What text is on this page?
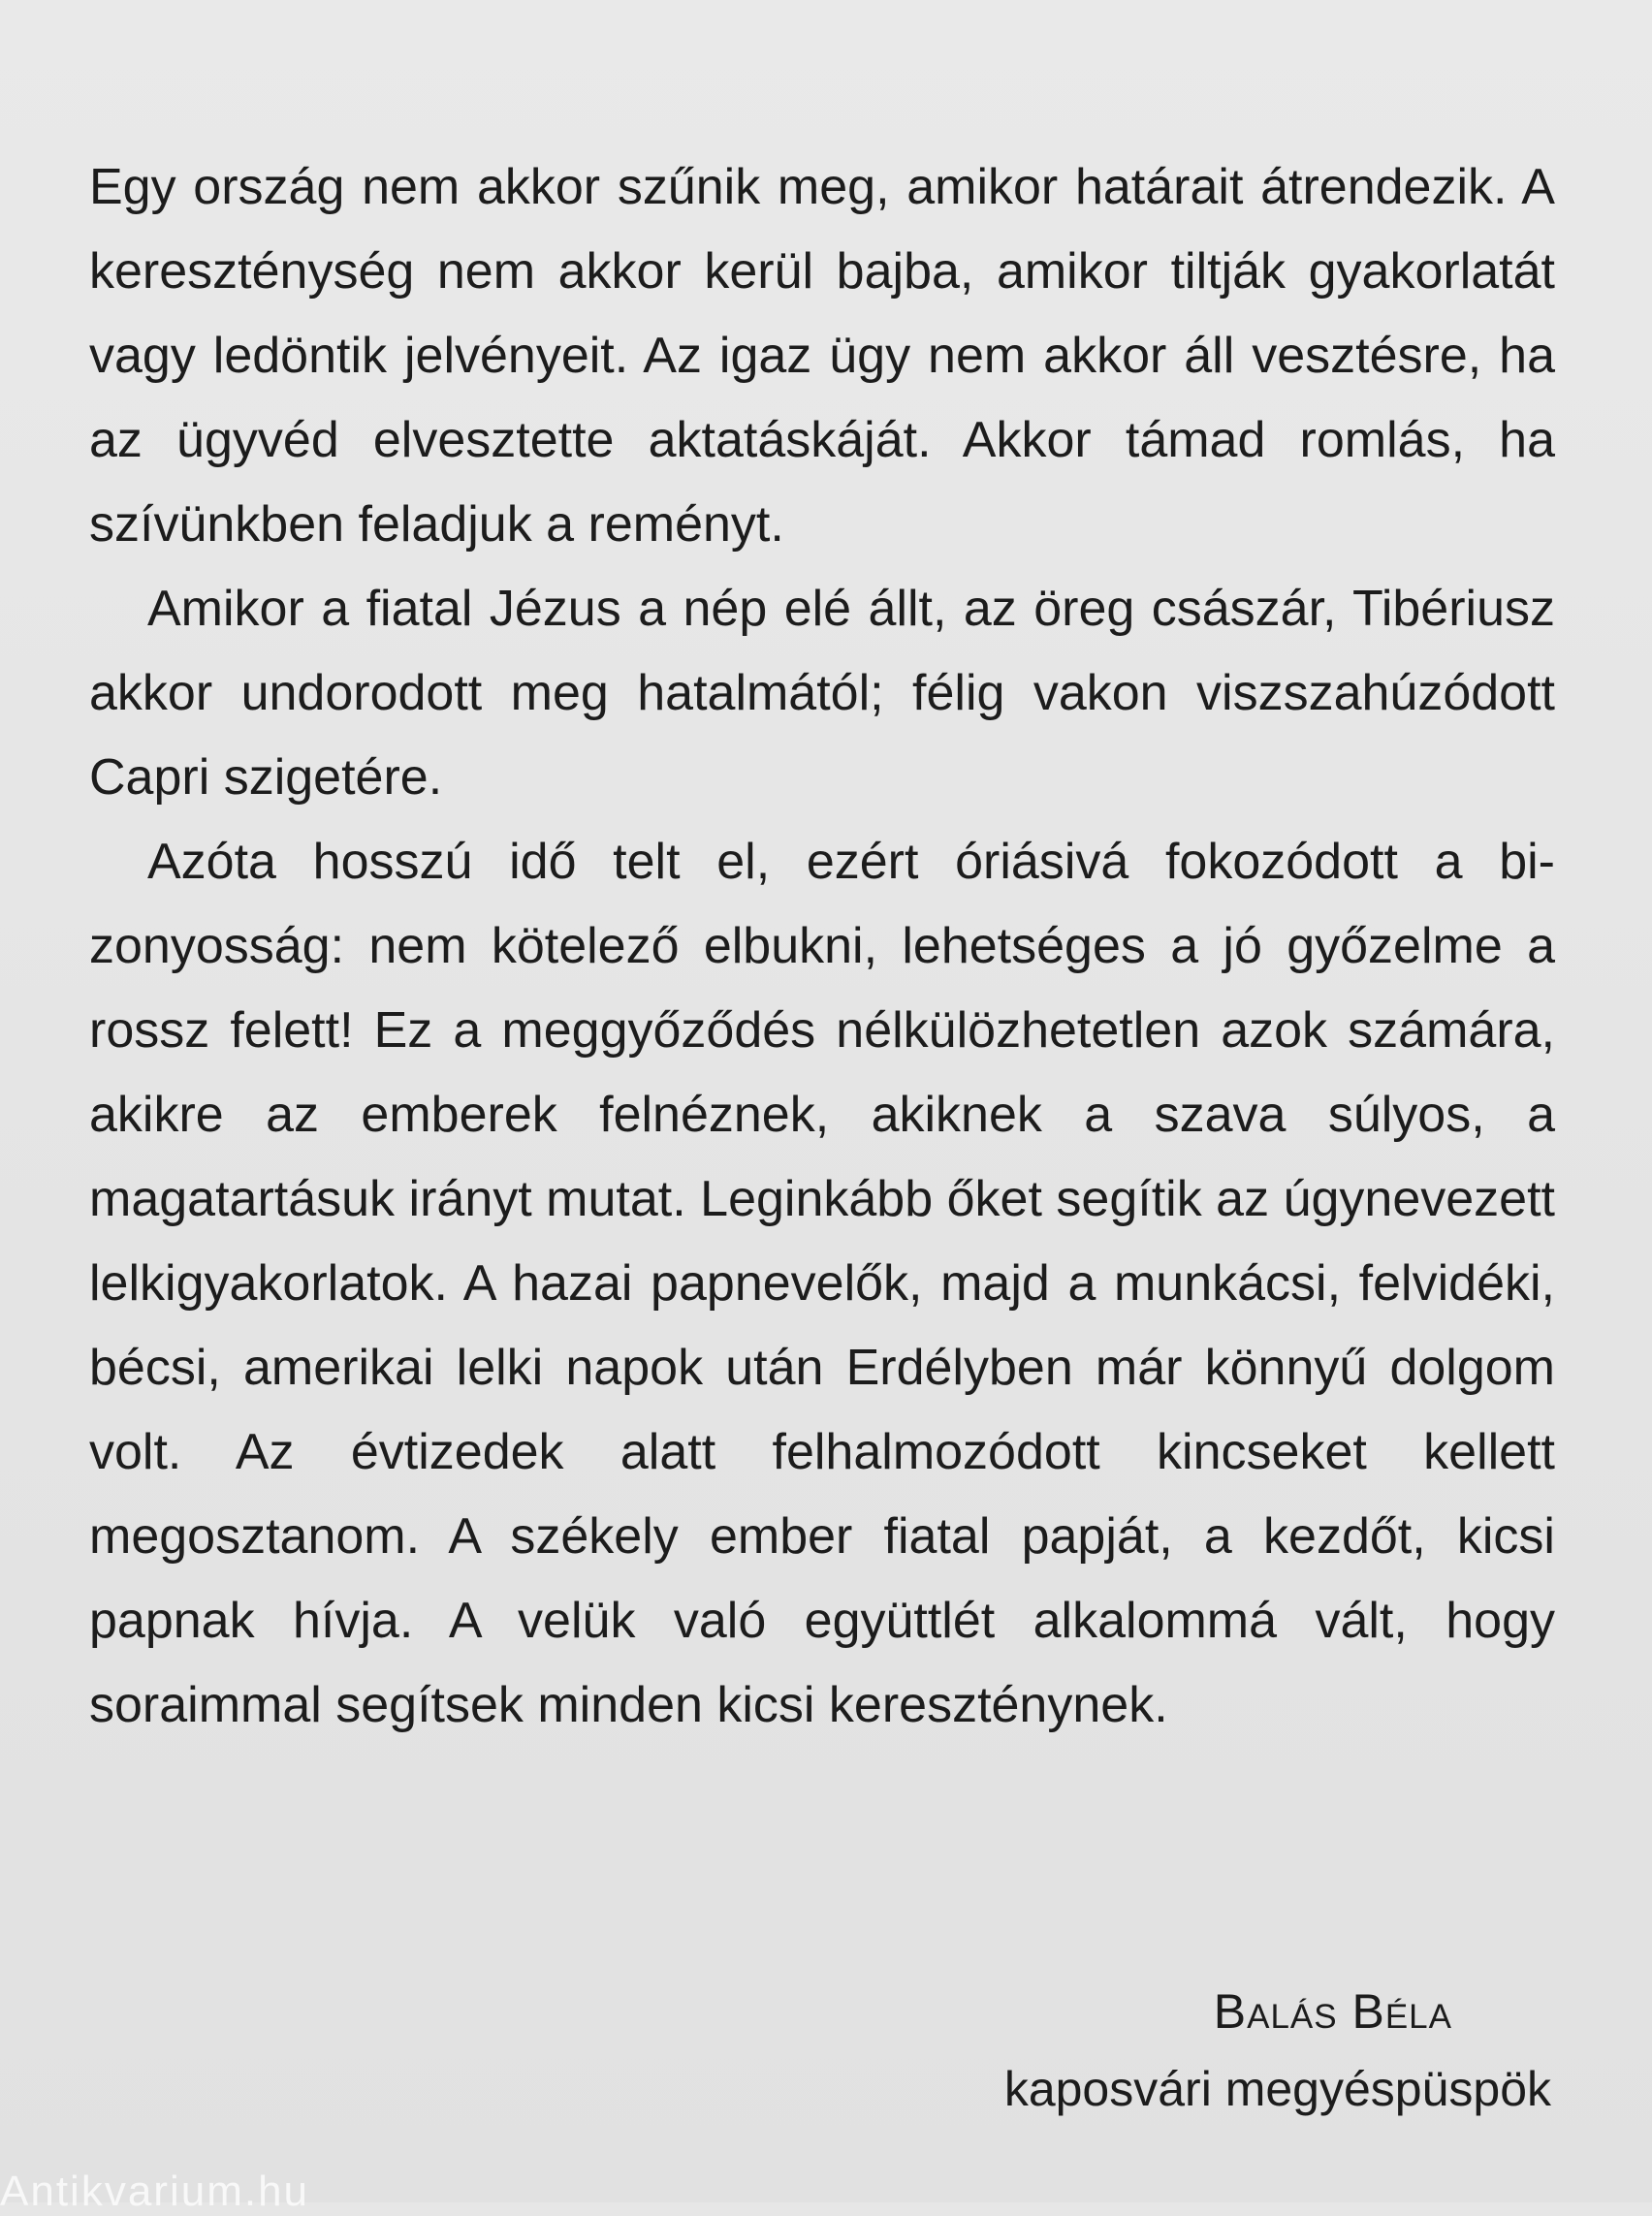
Egy ország nem akkor szűnik meg, amikor határait átrendezik. A kereszténység nem akkor kerül bajba, amikor tiltják gyakorlatát vagy ledöntik jelvényeit. Az igaz ügy nem akkor áll vesztésre, ha az ügyvéd elvesztette aktatáskáját. Akkor támad romlás, ha szívünkben feladjuk a reményt.

Amikor a fiatal Jézus a nép elé állt, az öreg császár, Tibériusz akkor undorodott meg hatalmától; félig vakon viszszahúzódott Capri szigetére.

Azóta hosszú idő telt el, ezért óriásivá fokozódott a bizonyosság: nem kötelező elbukni, lehetséges a jó győzelme a rossz felett! Ez a meggyőződés nélkülözhetetlen azok számára, akikre az emberek felnéznek, akiknek a szava súlyos, a magatartásuk irányt mutat. Leginkább őket segítik az úgynevezett lelkigyakorlatok. A hazai papnevelők, majd a munkácsi, felvidéki, bécsi, amerikai lelki napok után Erdélyben már könnyű dolgom volt. Az évtizedek alatt felhalmozódott kincseket kellett megosztanom. A székely ember fiatal papját, a kezdőt, kicsi papnak hívja. A velük való együttlét alkalommá vált, hogy soraimmal segítsek minden kicsi kereszténynek.

Balás Béla
kaposvári megyéspüspök
Antikvarium.hu
